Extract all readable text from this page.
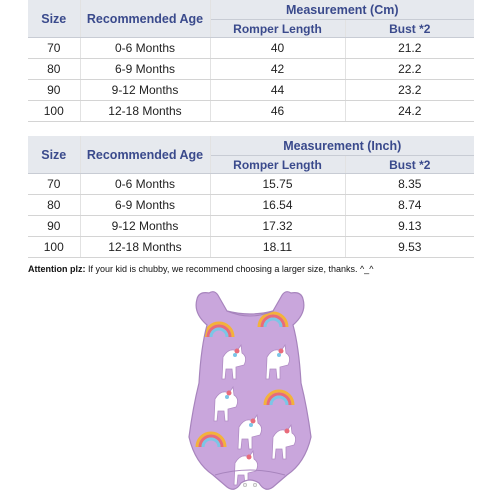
Size	Recommended Age	Measurement (Cm)	
		Romper Length	Bust *2
70	0-6 Months	40	21.2
80	6-9 Months	42	22.2
90	9-12 Months	44	23.2
100	12-18 Months	46	24.2
Size	Recommended Age	Measurement (Inch)	
		Romper Length	Bust *2
70	0-6 Months	15.75	8.35
80	6-9 Months	16.54	8.74
90	9-12 Months	17.32	9.13
100	12-18 Months	18.11	9.53
Attention plz: If your kid is chubby, we recommend choosing a larger size, thanks. ^_^
